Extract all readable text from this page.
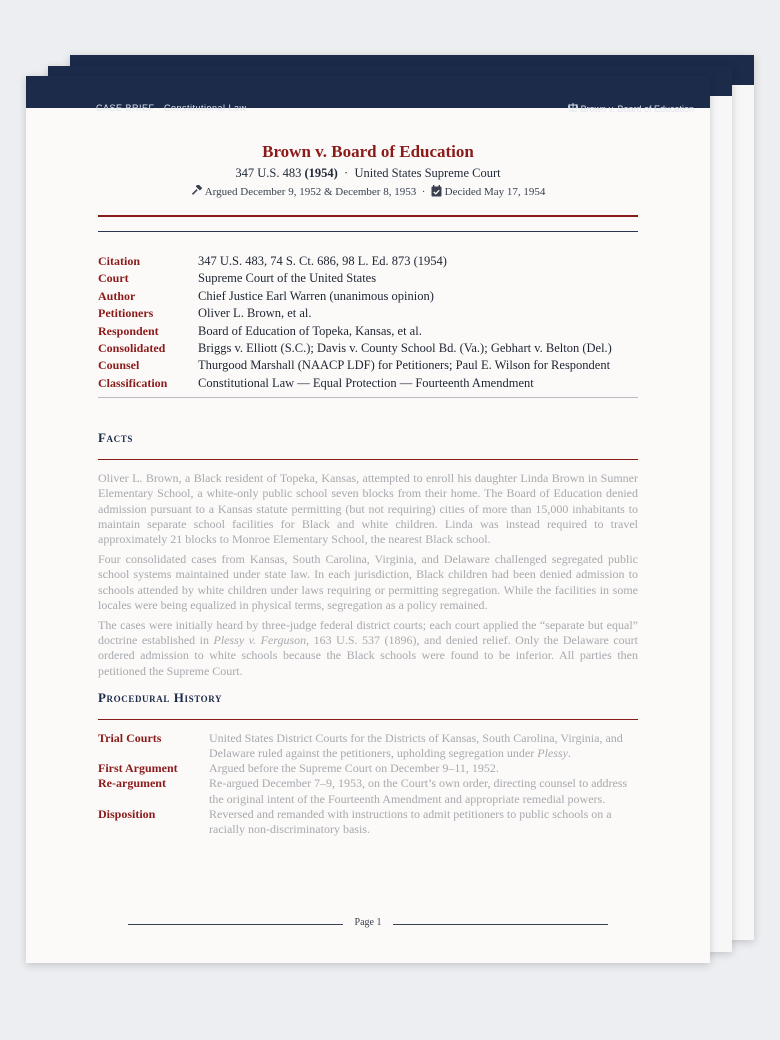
CASE BRIEF · Constitutional Law	Brown v. Board of Education
Brown v. Board of Education
347 U.S. 483 (1954) · United States Supreme Court
Argued December 9, 1952 & December 8, 1953 · Decided May 17, 1954
Citation	347 U.S. 483, 74 S. Ct. 686, 98 L. Ed. 873 (1954)
Court	Supreme Court of the United States
Author	Chief Justice Earl Warren (unanimous opinion)
Petitioners	Oliver L. Brown, et al.
Respondent	Board of Education of Topeka, Kansas, et al.
Consolidated	Briggs v. Elliott (S.C.); Davis v. County School Bd. (Va.); Gebhart v. Belton (Del.)
Counsel	Thurgood Marshall (NAACP LDF) for Petitioners; Paul E. Wilson for Respondent
Classification	Constitutional Law — Equal Protection — Fourteenth Amendment
Facts

Oliver L. Brown, a Black resident of Topeka, Kansas, attempted to enroll his daughter Linda Brown in Sumner Elementary School, a white-only public school seven blocks from their home. The Board of Education denied admission pursuant to a Kansas statute permitting (but not requiring) cities of more than 15,000 inhabitants to maintain separate school facilities for Black and white children. Linda was instead required to travel approximately 21 blocks to Monroe Elementary School, the nearest Black school.

Four consolidated cases from Kansas, South Carolina, Virginia, and Delaware challenged segregated public school systems maintained under state law. In each jurisdiction, Black children had been denied admission to schools attended by white children under laws requiring or permitting segregation. While the facilities in some locales were being equalized in physical terms, segregation as a policy remained.

The cases were initially heard by three-judge federal district courts; each court applied the “separate but equal” doctrine established in Plessy v. Ferguson, 163 U.S. 537 (1896), and denied relief. Only the Delaware court ordered admission to white schools because the Black schools were found to be inferior. All parties then petitioned the Supreme Court.

Procedural History
Trial Courts	United States District Courts for the Districts of Kansas, South Carolina, Virginia, and Delaware ruled against the petitioners, upholding segregation under Plessy.
First Argument	Argued before the Supreme Court on December 9–11, 1952.
Re-argument	Re-argued December 7–9, 1953, on the Court’s own order, directing counsel to address the original intent of the Fourteenth Amendment and appropriate remedial powers.
Disposition	Reversed and remanded with instructions to admit petitioners to public schools on a racially non-discriminatory basis.
Page 1
